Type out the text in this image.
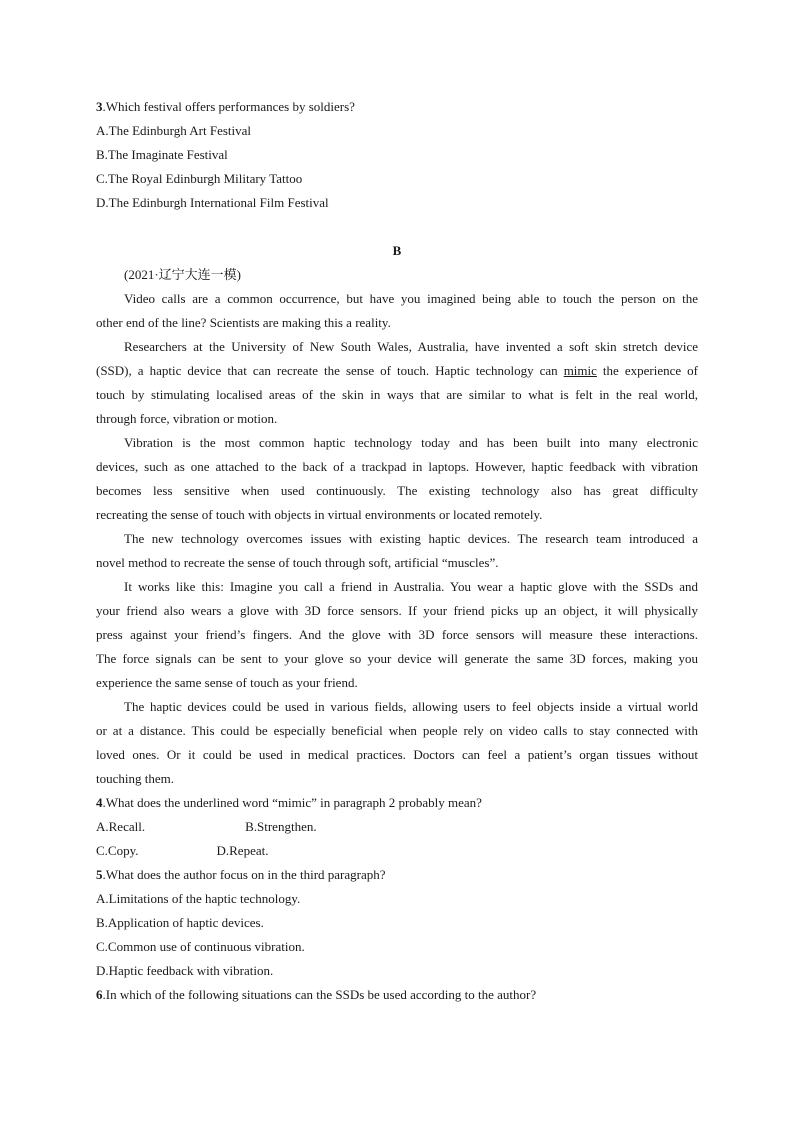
3.Which festival offers performances by soldiers?
A.The Edinburgh Art Festival
B.The Imaginate Festival
C.The Royal Edinburgh Military Tattoo
D.The Edinburgh International Film Festival
B
(2021·辽宁大连一模)
Video calls are a common occurrence, but have you imagined being able to touch the person on the
other end of the line? Scientists are making this a reality.
Researchers at the University of New South Wales, Australia, have invented a soft skin stretch device
(SSD), a haptic device that can recreate the sense of touch. Haptic technology can mimic the experience of
touch by stimulating localised areas of the skin in ways that are similar to what is felt in the real world,
through force, vibration or motion.
Vibration is the most common haptic technology today and has been built into many electronic
devices, such as one attached to the back of a trackpad in laptops. However, haptic feedback with vibration
becomes less sensitive when used continuously. The existing technology also has great difficulty
recreating the sense of touch with objects in virtual environments or located remotely.
The new technology overcomes issues with existing haptic devices. The research team introduced a
novel method to recreate the sense of touch through soft, artificial “muscles”.
It works like this: Imagine you call a friend in Australia. You wear a haptic glove with the SSDs and
your friend also wears a glove with 3D force sensors. If your friend picks up an object, it will physically
press against your friend’s fingers. And the glove with 3D force sensors will measure these interactions.
The force signals can be sent to your glove so your device will generate the same 3D forces, making you
experience the same sense of touch as your friend.
The haptic devices could be used in various fields, allowing users to feel objects inside a virtual world
or at a distance. This could be especially beneficial when people rely on video calls to stay connected with
loved ones. Or it could be used in medical practices. Doctors can feel a patient’s organ tissues without
touching them.
4.What does the underlined word “mimic” in paragraph 2 probably mean?
A.Recall.	B.Strengthen.
C.Copy.	D.Repeat.
5.What does the author focus on in the third paragraph?
A.Limitations of the haptic technology.
B.Application of haptic devices.
C.Common use of continuous vibration.
D.Haptic feedback with vibration.
6.In which of the following situations can the SSDs be used according to the author?
